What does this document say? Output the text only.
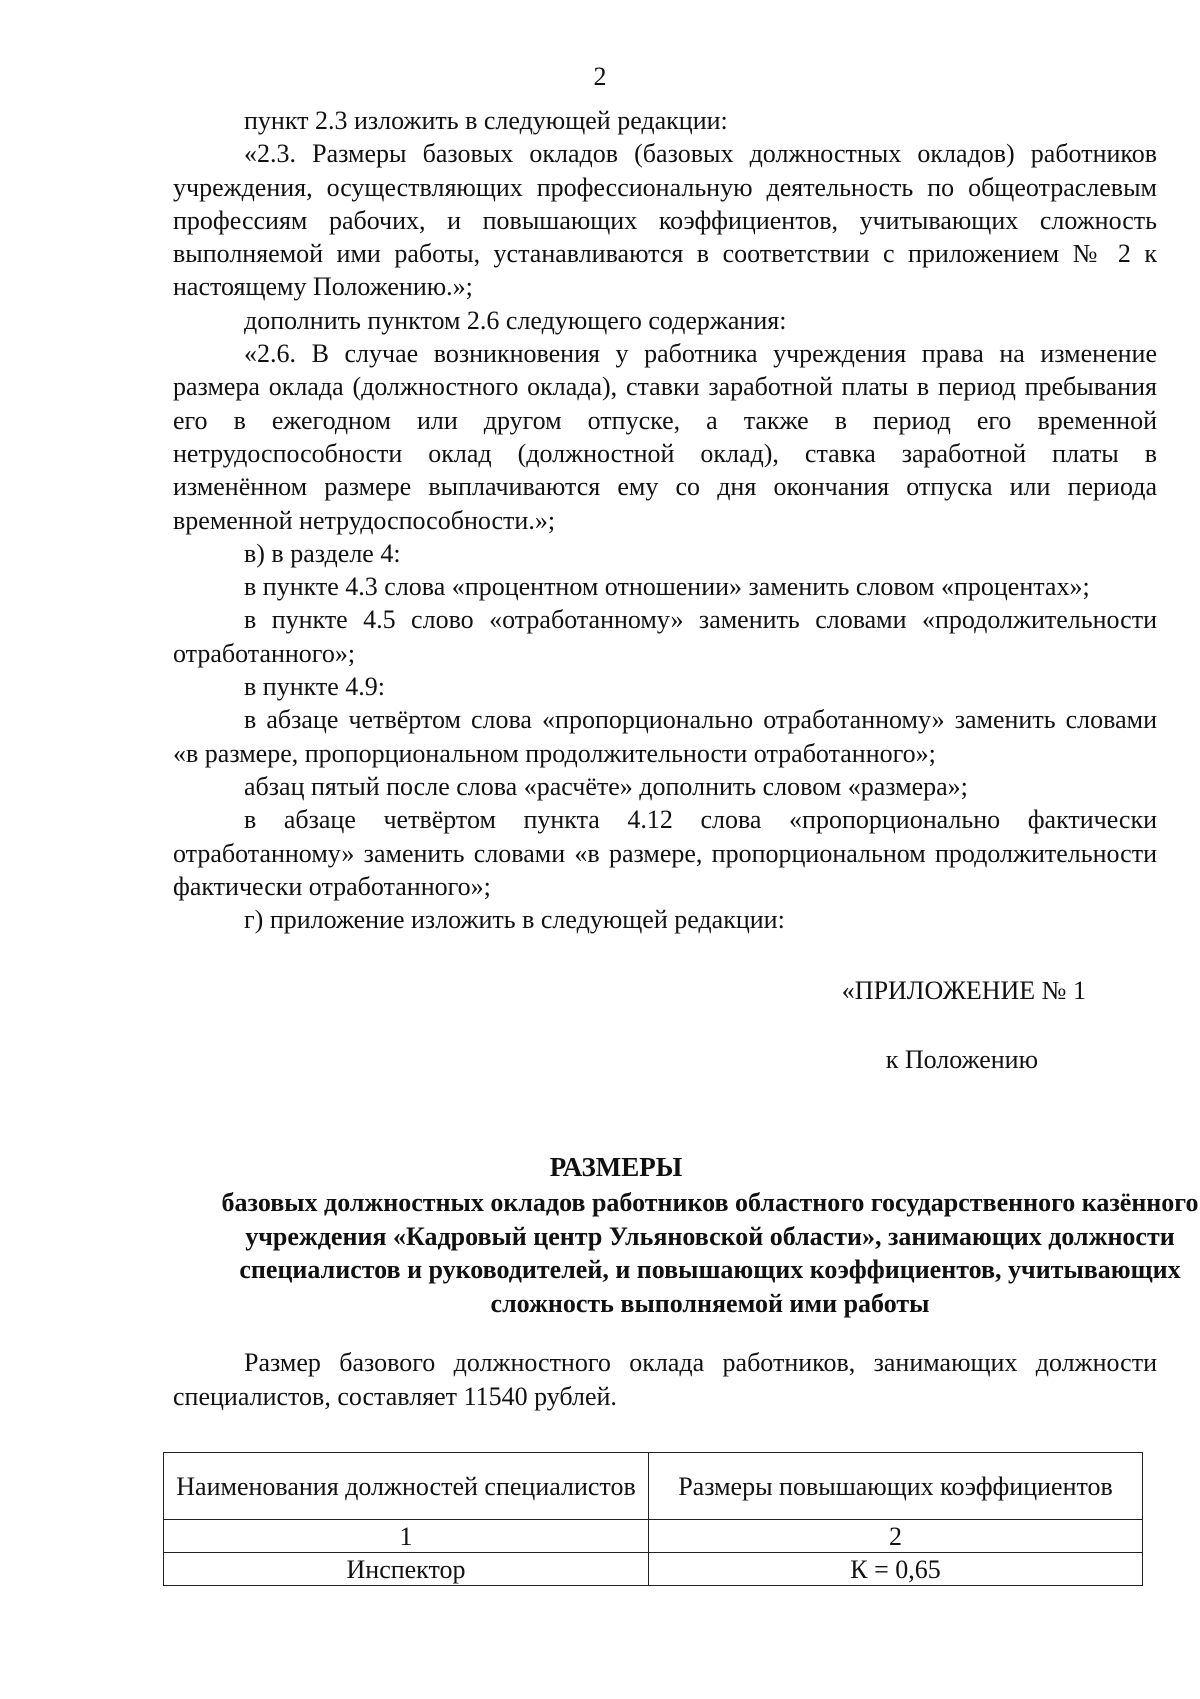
2

пункт 2.3 изложить в следующей редакции:

«2.3. Размеры базовых окладов (базовых должностных окладов) работников учреждения, осуществляющих профессиональную деятельность по общеотраслевым профессиям рабочих, и повышающих коэффициентов, учитывающих сложность выполняемой ими работы, устанавливаются в соответствии с приложением № 2 к настоящему Положению.»;

дополнить пунктом 2.6 следующего содержания:

«2.6. В случае возникновения у работника учреждения права на изменение размера оклада (должностного оклада), ставки заработной платы в период пребывания его в ежегодном или другом отпуске, а также в период его временной нетрудоспособности оклад (должностной оклад), ставка заработной платы в изменённом размере выплачиваются ему со дня окончания отпуска или периода временной нетрудоспособности.»;

в) в разделе 4:

в пункте 4.3 слова «процентном отношении» заменить словом «процентах»;

в пункте 4.5 слово «отработанному» заменить словами «продолжительности отработанного»;

в пункте 4.9:

в абзаце четвёртом слова «пропорционально отработанному» заменить словами «в размере, пропорциональном продолжительности отработанного»;

абзац пятый после слова «расчёте» дополнить словом «размера»;

в абзаце четвёртом пункта 4.12 слова «пропорционально фактически отработанному» заменить словами «в размере, пропорциональном продолжительности фактически отработанного»;

г) приложение изложить в следующей редакции:

«ПРИЛОЖЕНИЕ № 1
к Положению
РАЗМЕРЫ
базовых должностных окладов работников областного государственного казённого учреждения «Кадровый центр Ульяновской области», занимающих должности специалистов и руководителей, и повышающих коэффициентов, учитывающих сложность выполняемой ими работы

Размер базового должностного оклада работников, занимающих должности специалистов, составляет 11540 рублей.

Наименования должностей специалистов	Размеры повышающих коэффициентов
1	2
Инспектор	К = 0,65
